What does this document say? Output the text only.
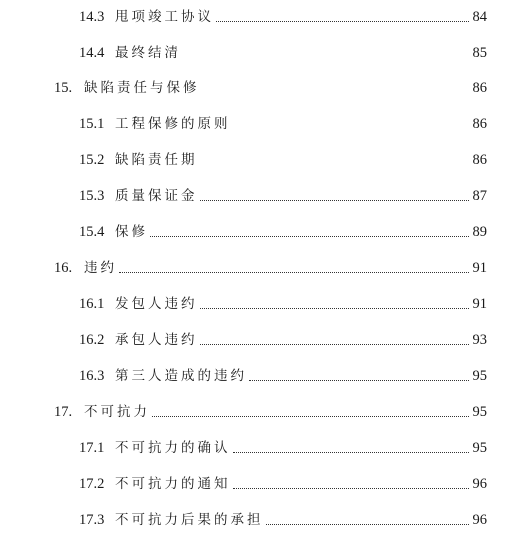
14.3 甩项竣工协议	84
14.4 最终结清	85
15. 缺陷责任与保修	86
15.1 工程保修的原则	86
15.2 缺陷责任期	86
15.3 质量保证金	87
15.4 保修	89
16. 违约	91
16.1 发包人违约	91
16.2 承包人违约	93
16.3 第三人造成的违约	95
17. 不可抗力	95
17.1 不可抗力的确认	95
17.2 不可抗力的通知	96
17.3 不可抗力后果的承担	96
